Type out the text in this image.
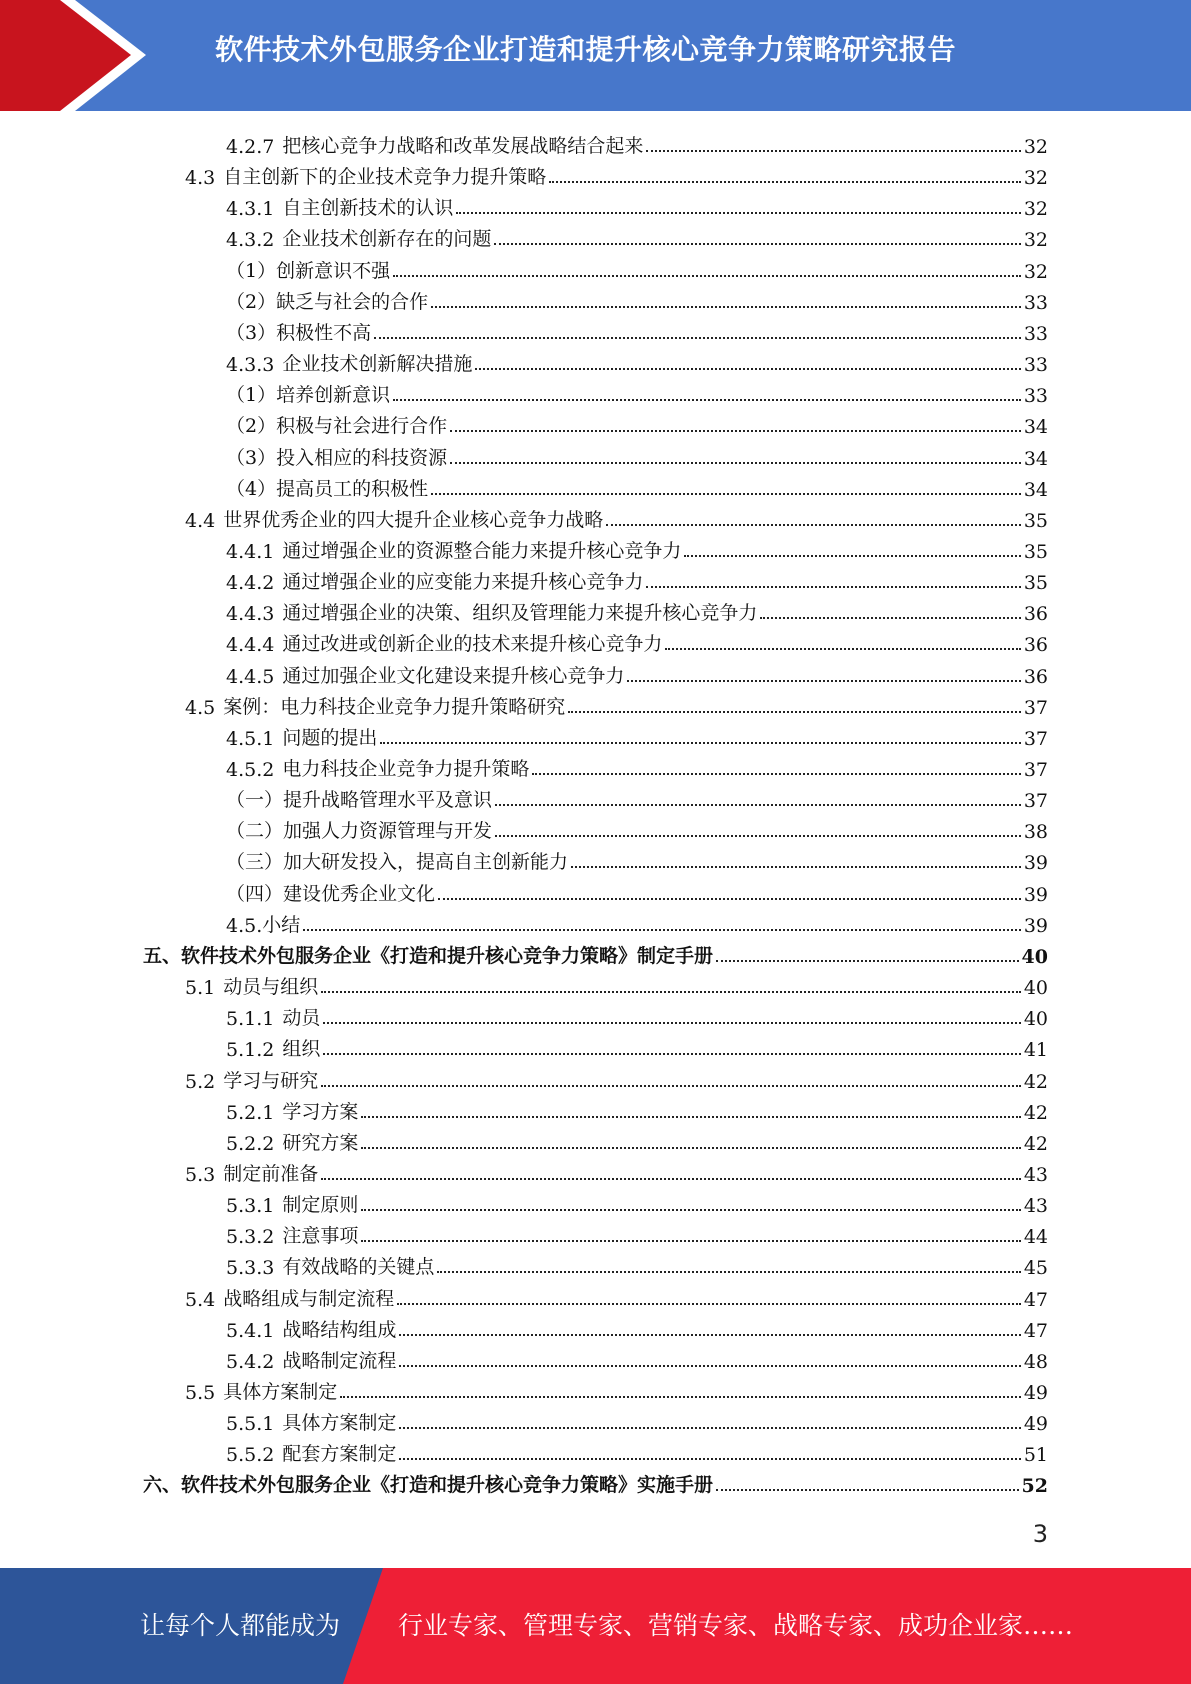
软件技术外包服务企业打造和提升核心竞争力策略研究报告
4.2.7 把核心竞争力战略和改革发展战略结合起来	32
4.3 自主创新下的企业技术竞争力提升策略	32
4.3.1 自主创新技术的认识	32
4.3.2 企业技术创新存在的问题	32
（1） 创新意识不强	32
（2） 缺乏与社会的合作	33
（3） 积极性不高	33
4.3.3 企业技术创新解决措施	33
（1） 培养创新意识	33
（2） 积极与社会进行合作	34
（3） 投入相应的科技资源	34
（4） 提高员工的积极性	34
4.4 世界优秀企业的四大提升企业核心竞争力战略	35
4.4.1 通过增强企业的资源整合能力来提升核心竞争力	35
4.4.2 通过增强企业的应变能力来提升核心竞争力	35
4.4.3 通过增强企业的决策、组织及管理能力来提升核心竞争力	36
4.4.4 通过改进或创新企业的技术来提升核心竞争力	36
4.4.5 通过加强企业文化建设来提升核心竞争力	36
4.5 案例：电力科技企业竞争力提升策略研究	37
4.5.1 问题的提出	37
4.5.2 电力科技企业竞争力提升策略	37
（一） 提升战略管理水平及意识	37
（二） 加强人力资源管理与开发	38
（三） 加大研发投入，提高自主创新能力	39
（四） 建设优秀企业文化	39
4.5. 小结	39
五、 软件技术外包服务企业《打造和提升核心竞争力策略》制定手册	40
5.1 动员与组织	40
5.1.1 动员	40
5.1.2 组织	41
5.2 学习与研究	42
5.2.1 学习方案	42
5.2.2 研究方案	42
5.3 制定前准备	43
5.3.1 制定原则	43
5.3.2 注意事项	44
5.3.3 有效战略的关键点	45
5.4 战略组成与制定流程	47
5.4.1 战略结构组成	47
5.4.2 战略制定流程	48
5.5 具体方案制定	49
5.5.1 具体方案制定	49
5.5.2 配套方案制定	51
六、 软件技术外包服务企业《打造和提升核心竞争力策略》实施手册	52
3
让每个人都能成为 行业专家、管理专家、营销专家、战略专家、成功企业家……
